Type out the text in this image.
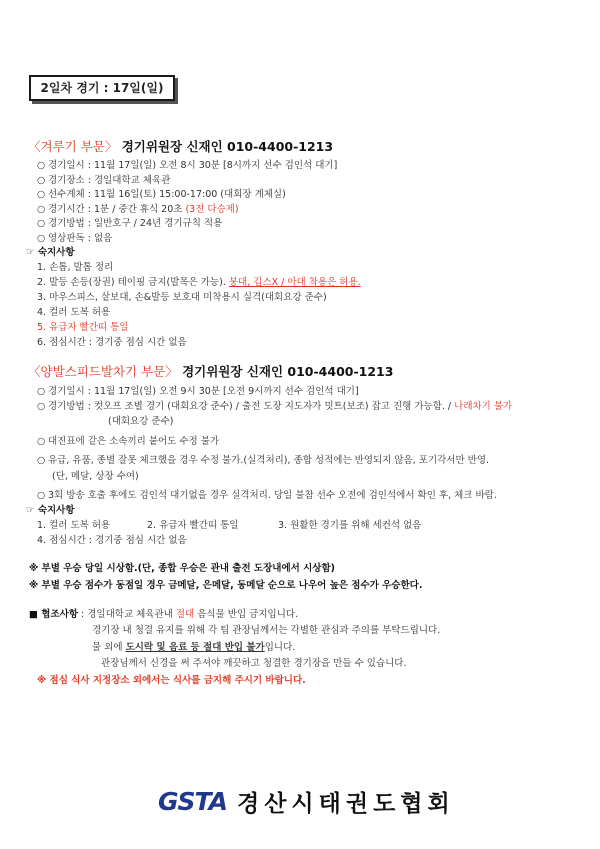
2일차 경기 : 17일(일)
〈겨루기 부문〉 경기위원장 신재인 010-4400-1213
○ 경기일시 : 11월 17일(일) 오전 8시 30분 [8시까지 선수 검인석 대기]
○ 경기장소 : 경일대학교 체육관
○ 선수계체 : 11월 16일(토) 15:00-17:00 (대회장 계체실)
○ 경기시간 : 1분 / 중간 휴식 20초 (3전 다승제)
○ 경기방법 : 일반호구 / 24년 경기규칙 적용
○ 영상판독 : 없음
☞ 숙지사항
1. 손톱, 발톱 정리
2. 발등 손등(장권) 테이핑 금지(발목은 가능). 붕대, 깁스X / 아대 착용은 허용.
3. 마우스피스, 샅보대, 손&발등 보호대 미착용시 실격(대회요강 준수)
4. 컬러 도복 허용
5. 유급자 빨간띠 통일
6. 점심시간 : 경기중 점심 시간 없음
〈양발스피드발차기 부문〉 경기위원장 신재인 010-4400-1213
○ 경기일시 : 11월 17일(일) 오전 9시 30분 [오전 9시까지 선수 검인석 대기]
○ 경기방법 : 컷오프 조별 경기 (대회요강 준수) / 출전 도장 지도자가 밋트(보조) 잡고 진행 가능함. / 나래차기 불가
(대회요강 준수)
○ 대진표에 같은 소속끼리 붙어도 수정 불가
○ 유급, 유품, 종별 잘못 체크했을 경우 수정 불가.(실격처리), 종합 성적에는 반영되지 않음, 포기각서만 반영.
(단, 메달, 상장 수여)
○ 3회 방송 호출 후에도 검인석 대기없을 경우 실격처리. 당일 불참 선수 오전에 검인석에서 확인 후, 체크 바람.
☞ 숙지사항
1. 컬러 도복 허용	2. 유급자 빨간띠 통일	3. 원활한 경기를 위해 세컨석 없음
4. 점심시간 : 경기중 점심 시간 없음
※ 부별 우승 당일 시상함.(단, 종합 우승은 관내 출전 도장내에서 시상함)
※ 부별 우승 점수가 동점일 경우 금메달, 은메달, 동메달 순으로 나우어 높은 점수가 우승한다.
■ 협조사항 : 경일대학교 체육관내 절대 음식물 반입 금지입니다.
경기장 내 청결 유지를 위해 각 팀 관장님께서는 각별한 관심과 주의를 부탁드립니다.
물 외에 도시락 및 음료 등 절대 반입 불가입니다.
관장님께서 신경을 써 주셔야 깨끗하고 청결한 경기장을 만들 수 있습니다.
※ 점심 식사 지정장소 외에서는 식사를 금지해 주시기 바랍니다.
GSTA 경산시태권도협회
